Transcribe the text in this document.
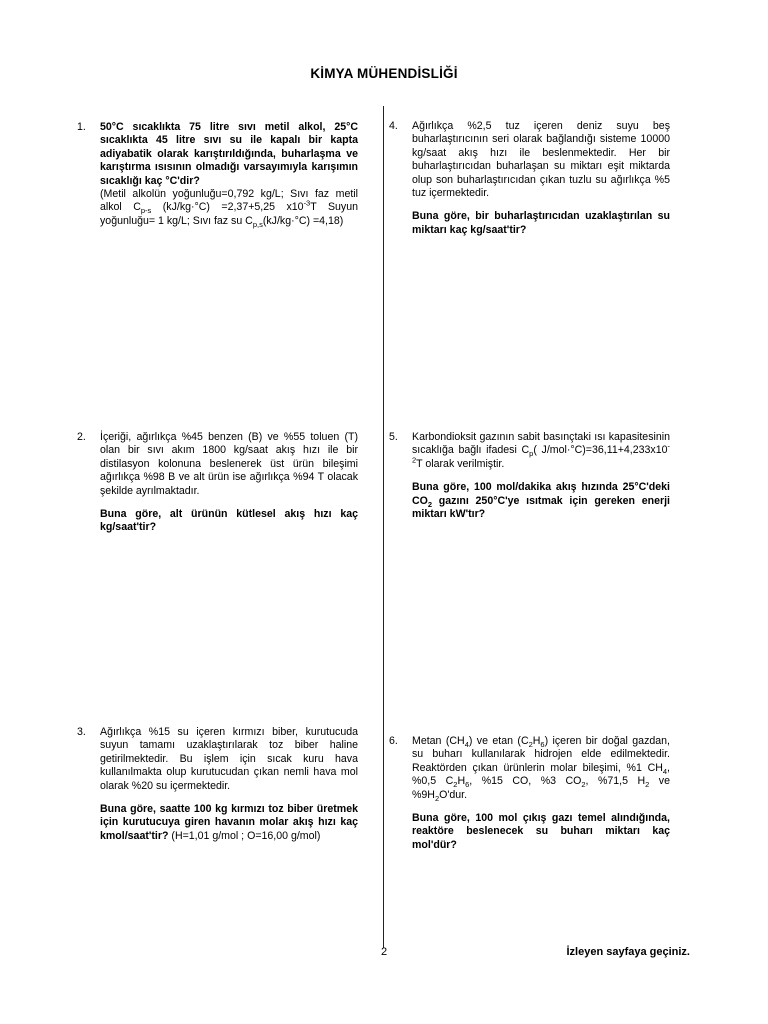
KİMYA MÜHENDİSLİĞİ
1. 50°C sıcaklıkta 75 litre sıvı metil alkol, 25°C sıcaklıkta 45 litre sıvı su ile kapalı bir kapta adiyabatik olarak karıştırıldığında, buharlaşma ve karıştırma ısısının olmadığı varsayımıyla karışımın sıcaklığı kaç °C'dir?

(Metil alkolün yoğunluğu=0,792 kg/L; Sıvı faz metil alkol $C_{p-s}$ (kJ/kg·°C) =2,37+5,25 $x10^{-3}T$ Suyun yoğunluğu= 1 kg/L; Sıvı faz su $C_{p,s}(kJ/kg\cdot^\circ C) =4,18$)

2. İçeriği, ağırlıkça %45 benzen (B) ve %55 toluen (T) olan bir sıvı akım 1800 kg/saat akış hızı ile bir distilasyon kolonuna beslenerek üst ürün bileşimi ağırlıkça %98 B ve alt ürün ise ağırlıkça %94 T olacak şekilde ayrılmaktadır.

Buna göre, alt ürünün kütlesel akış hızı kaç kg/saat'tir?

3. Ağırlıkça %15 su içeren kırmızı biber, kurutucuda suyun tamamı uzaklaştırılarak toz biber haline getirilmektedir. Bu işlem için sıcak kuru hava kullanılmakta olup kurutucudan çıkan nemli hava mol olarak %20 su içermektedir.

Buna göre, saatte 100 kg kırmızı toz biber üretmek için kurutucuya giren havanın molar akış hızı kaç kmol/saat'tir? (H=1,01 g/mol ; O=16,00 g/mol)

4. Ağırlıkça %2,5 tuz içeren deniz suyu beş buharlaştırıcının seri olarak bağlandığı sisteme 10000 kg/saat akış hızı ile beslenmektedir. Her bir buharlaştırıcıdan buharlaşan su miktarı eşit miktarda olup son buharlaştırıcıdan çıkan tuzlu su ağırlıkça %5 tuz içermektedir.

Buna göre, bir buharlaştırıcıdan uzaklaştırılan su miktarı kaç kg/saat'tir?

5. Karbondioksit gazının sabit basınçtaki ısı kapasitesinin sıcaklığa bağlı ifadesi $C_p$( $J/mol\cdot^\circ C)=36,11+4,233x10^{-2}T$ olarak verilmiştir.

Buna göre, 100 mol/dakika akış hızında 25°C'deki $CO_2$ gazını 250°C'ye ısıtmak için gereken enerji miktarı kW'tır?

6. Metan $(CH_4)$ ve etan $(C_2H_6)$ içeren bir doğal gazdan, su buharı kullanılarak hidrojen elde edilmektedir. Reaktörden çıkan ürünlerin molar bileşimi, %1 $CH_4$, %0,5 $C_2H_6$, %15 CO, %3 $CO_2$, %71,5 $H_2$ ve $\%9H_2O'dur$.

Buna göre, 100 mol çıkış gazı temel alındığında, reaktöre beslenecek su buharı miktarı kaç mol'dür?

2	İzleyen sayfaya geçiniz.
